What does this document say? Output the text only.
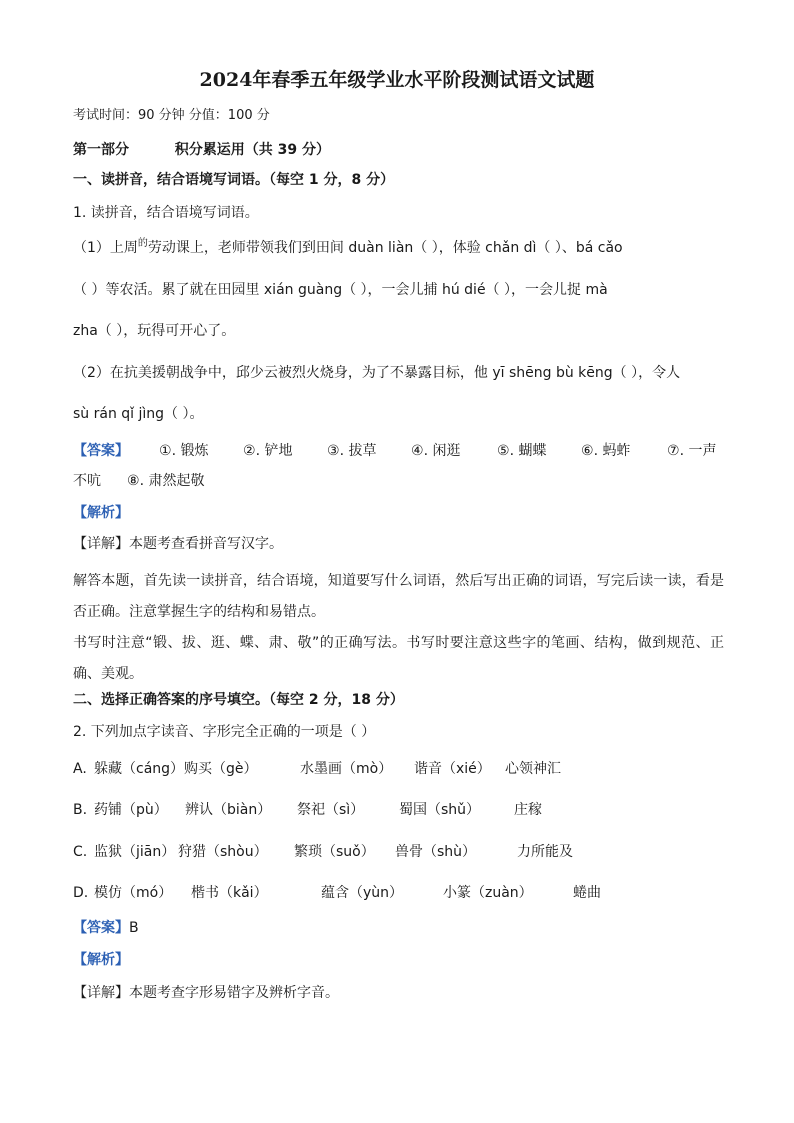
2024年春季五年级学业水平阶段测试语文试题
考试时间：90 分钟 分值：100 分
第一部分	积分累运用（共 39 分）
一、读拼音，结合语境写词语。（每空 1 分，8 分）
1. 读拼音，结合语境写词语。
（1）上周$^的$劳动课上，老师带领我们到田间 duàn liàn（ ），体验 chǎn dì（ ）、bá cǎo
（ ）等农活。累了就在田园里 xián guàng（ ），一会儿捕 hú dié（ ），一会儿捉 mà
zha（ ），玩得可开心了。
（2）在抗美援朝战争中，邱少云被烈火烧身，为了不暴露目标，他 yī shēng bù kēng（ ），令人
sù rán qǐ jìng（ ）。
【答案】 ①. 锻炼 ②. 铲地 ③. 拔草 ④. 闲逛	⑤. 蝴蝶 ⑥. 蚂蚱	⑦. 一声
不吭 ⑧. 肃然起敬
【解析】
【详解】本题考查看拼音写汉字。
解答本题，首先读一读拼音，结合语境，知道要写什么词语，然后写出正确的词语，写完后读一读，看是否正确。注意掌握生字的结构和易错点。
书写时注意“锻、拔、逛、蝶、肃、敬”的正确写法。书写时要注意这些字的笔画、结构，做到规范、正确、美观。
二、选择正确答案的序号填空。（每空 2 分，18 分）
2. 下列加点字读音、字形完全正确的一项是（ ）
A. 躲藏（cáng） 购买（gè）	水墨画（mò） 谐音（xié） 心领神汇
B. 药铺（pù） 辨认（biàn） 祭祀（sì） 蜀国（shǔ） 庄稼
C. 监狱（jiān） 狩猎（shòu） 繁琐（suǒ） 兽骨（shù）	力所能及
D. 模仿（mó） 楷书（kǎi）	蕴含（yùn）	小篆（zuàn）	蜷曲
【答案】B
【解析】
【详解】本题考查字形易错字及辨析字音。
